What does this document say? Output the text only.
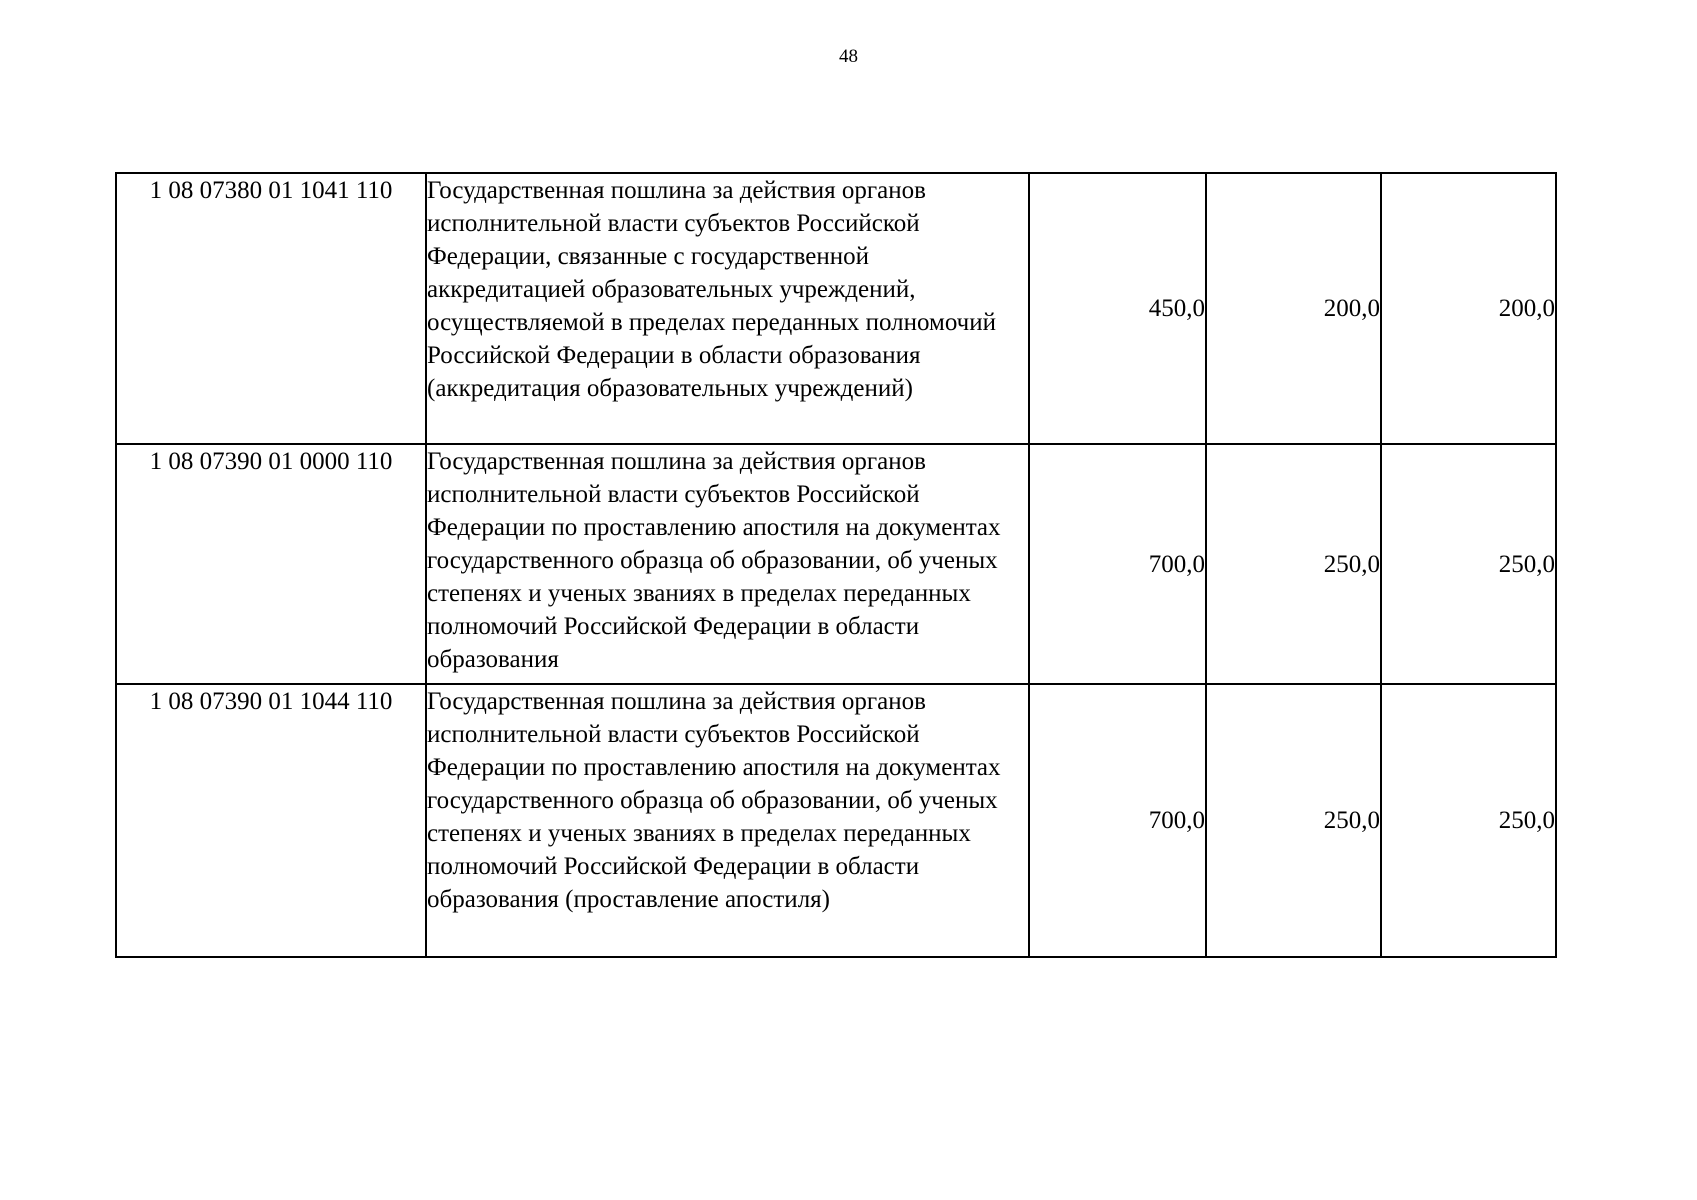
48
1 08 07380 01 1041 110	Государственная пошлина за действия органов исполнительной власти субъектов Российской Федерации, связанные с государственной аккредитацией образовательных учреждений, осуществляемой в пределах переданных полномочий Российской Федерации в области образования (аккредитация образовательных учреждений)	450,0	200,0	200,0
1 08 07390 01 0000 110	Государственная пошлина за действия органов исполнительной власти субъектов Российской Федерации по проставлению апостиля на документах государственного образца об образовании, об ученых степенях и ученых званиях в пределах переданных полномочий Российской Федерации в области образования	700,0	250,0	250,0
1 08 07390 01 1044 110	Государственная пошлина за действия органов исполнительной власти субъектов Российской Федерации по проставлению апостиля на документах государственного образца об образовании, об ученых степенях и ученых званиях в пределах переданных полномочий Российской Федерации в области образования (проставление апостиля)	700,0	250,0	250,0
